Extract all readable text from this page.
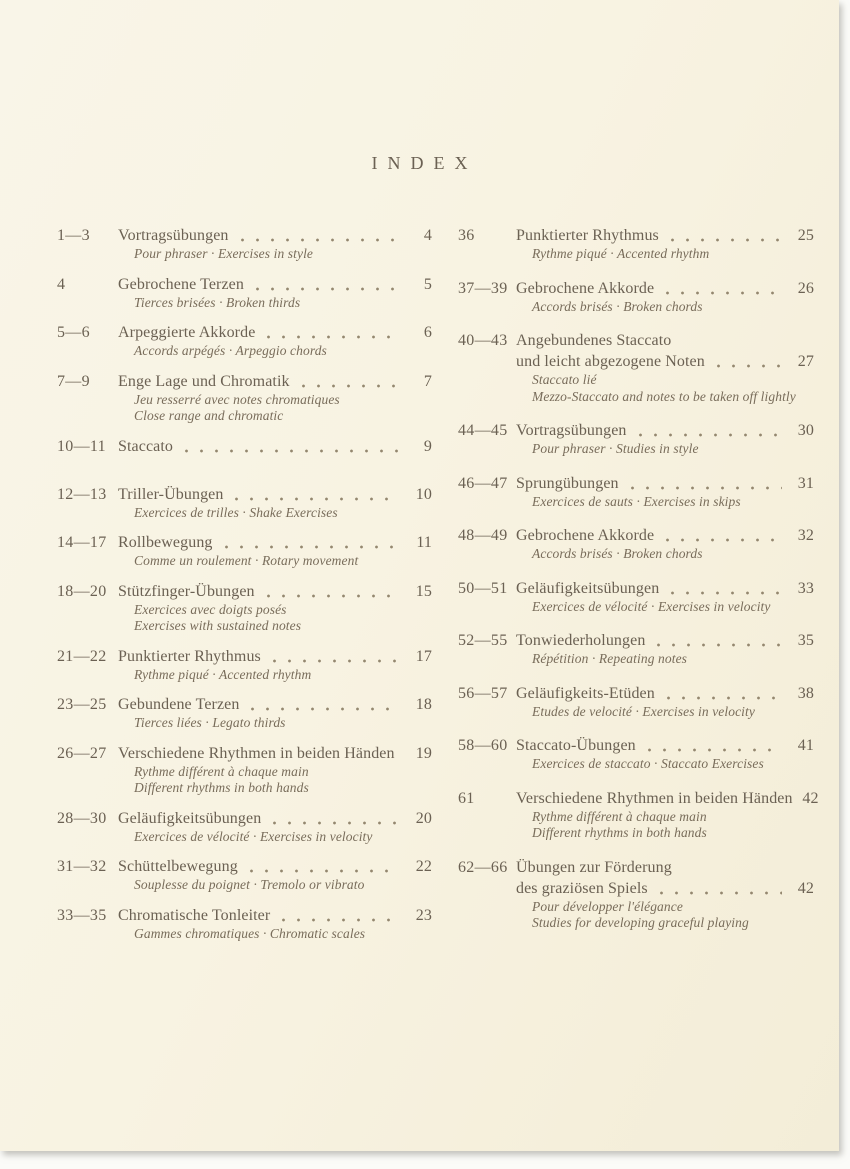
INDEX
1—3	Vortragsübungen	4
Pour phraser · Exercises in style
4	Gebrochene Terzen	5
Tierces brisées · Broken thirds
5—6	Arpeggierte Akkorde	6
Accords arpégés · Arpeggio chords
7—9	Enge Lage und Chromatik	7
Jeu resserré avec notes chromatiques
Close range and chromatic
10—11 Staccato	9
12—13 Triller-Übungen	10
Exercices de trilles · Shake Exercises
14—17 Rollbewegung	11
Comme un roulement · Rotary movement
18—20 Stützfinger-Übungen	15
Exercices avec doigts posés
Exercises with sustained notes
21—22 Punktierter Rhythmus	17
Rythme piqué · Accented rhythm
23—25 Gebundene Terzen	18
Tierces liées · Legato thirds
26—27 Verschiedene Rhythmen in beiden Händen 19
Rythme différent à chaque main
Different rhythms in both hands
28—30 Geläufigkeitsübungen	20
Exercices de vélocité · Exercises in velocity
31—32 Schüttelbewegung	22
Souplesse du poignet · Tremolo or vibrato
33—35 Chromatische Tonleiter	23
Gammes chromatiques · Chromatic scales
36	Punktierter Rhythmus	25
Rythme piqué · Accented rhythm
37—39 Gebrochene Akkorde	26
Accords brisés · Broken chords
40—43 Angebundenes Staccato
und leicht abgezogene Noten	27
Staccato lié
Mezzo-Staccato and notes to be taken off lightly
44—45 Vortragsübungen	30
Pour phraser · Studies in style
46—47 Sprungübungen	31
Exercices de sauts · Exercises in skips
48—49 Gebrochene Akkorde	32
Accords brisés · Broken chords
50—51 Geläufigkeitsübungen	33
Exercices de vélocité · Exercises in velocity
52—55 Tonwiederholungen	35
Répétition · Repeating notes
56—57 Geläufigkeits-Etüden	38
Etudes de velocité · Exercises in velocity
58—60 Staccato-Übungen	41
Exercices de staccato · Staccato Exercises
61	Verschiedene Rhythmen in beiden Händen 42
Rythme différent à chaque main
Different rhythms in both hands
62—66 Übungen zur Förderung
des graziösen Spiels	42
Pour développer l'élégance
Studies for developing graceful playing
